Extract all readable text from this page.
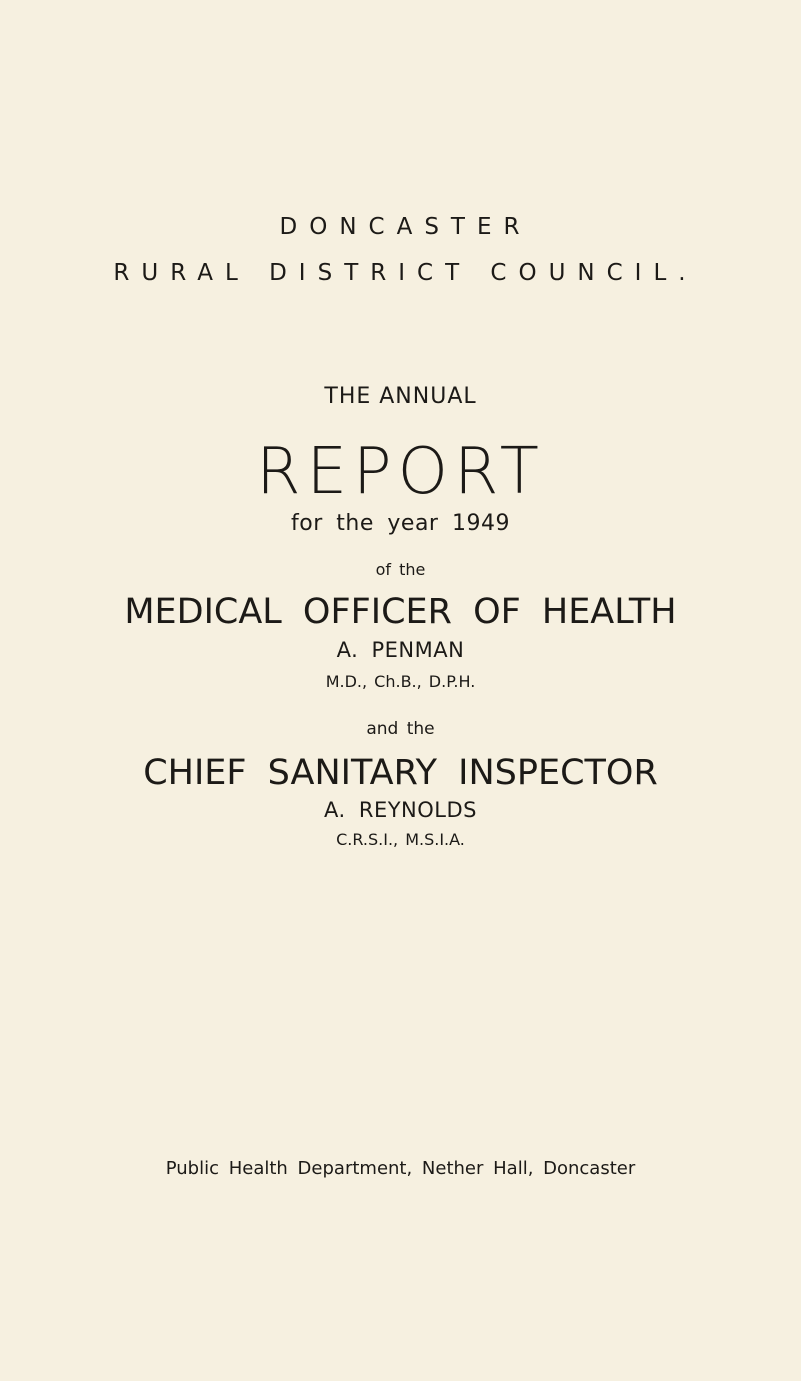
DONCASTER
RURAL DISTRICT COUNCIL.
THE ANNUAL
REPORT
for the year 1949
of the
MEDICAL OFFICER OF HEALTH
A. PENMAN
M.D., Ch.B., D.P.H.
and the
CHIEF SANITARY INSPECTOR
A. REYNOLDS
C.R.S.I., M.S.I.A.
Public Health Department, Nether Hall, Doncaster
